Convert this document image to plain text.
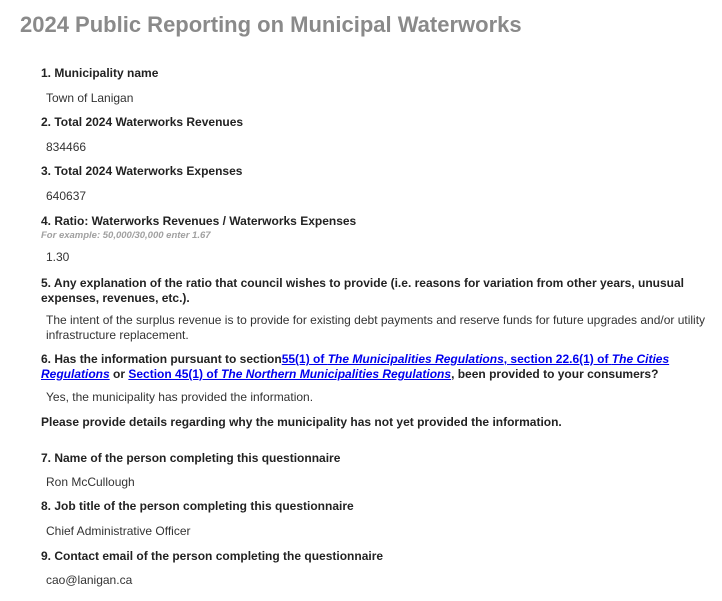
2024 Public Reporting on Municipal Waterworks
1. Municipality name
Town of Lanigan
2. Total 2024 Waterworks Revenues
834466
3. Total 2024 Waterworks Expenses
640637
4. Ratio: Waterworks Revenues / Waterworks Expenses
For example: 50,000/30,000 enter 1.67
1.30
5. Any explanation of the ratio that council wishes to provide (i.e. reasons for variation from other years, unusual expenses, revenues, etc.).
The intent of the surplus revenue is to provide for existing debt payments and reserve funds for future upgrades and/or utility infrastructure replacement.
6. Has the information pursuant to section55(1) of The Municipalities Regulations, section 22.6(1) of The Cities Regulations or Section 45(1) of The Northern Municipalities Regulations, been provided to your consumers?
Yes, the municipality has provided the information.
Please provide details regarding why the municipality has not yet provided the information.
7. Name of the person completing this questionnaire
Ron McCullough
8. Job title of the person completing this questionnaire
Chief Administrative Officer
9. Contact email of the person completing the questionnaire
cao@lanigan.ca
